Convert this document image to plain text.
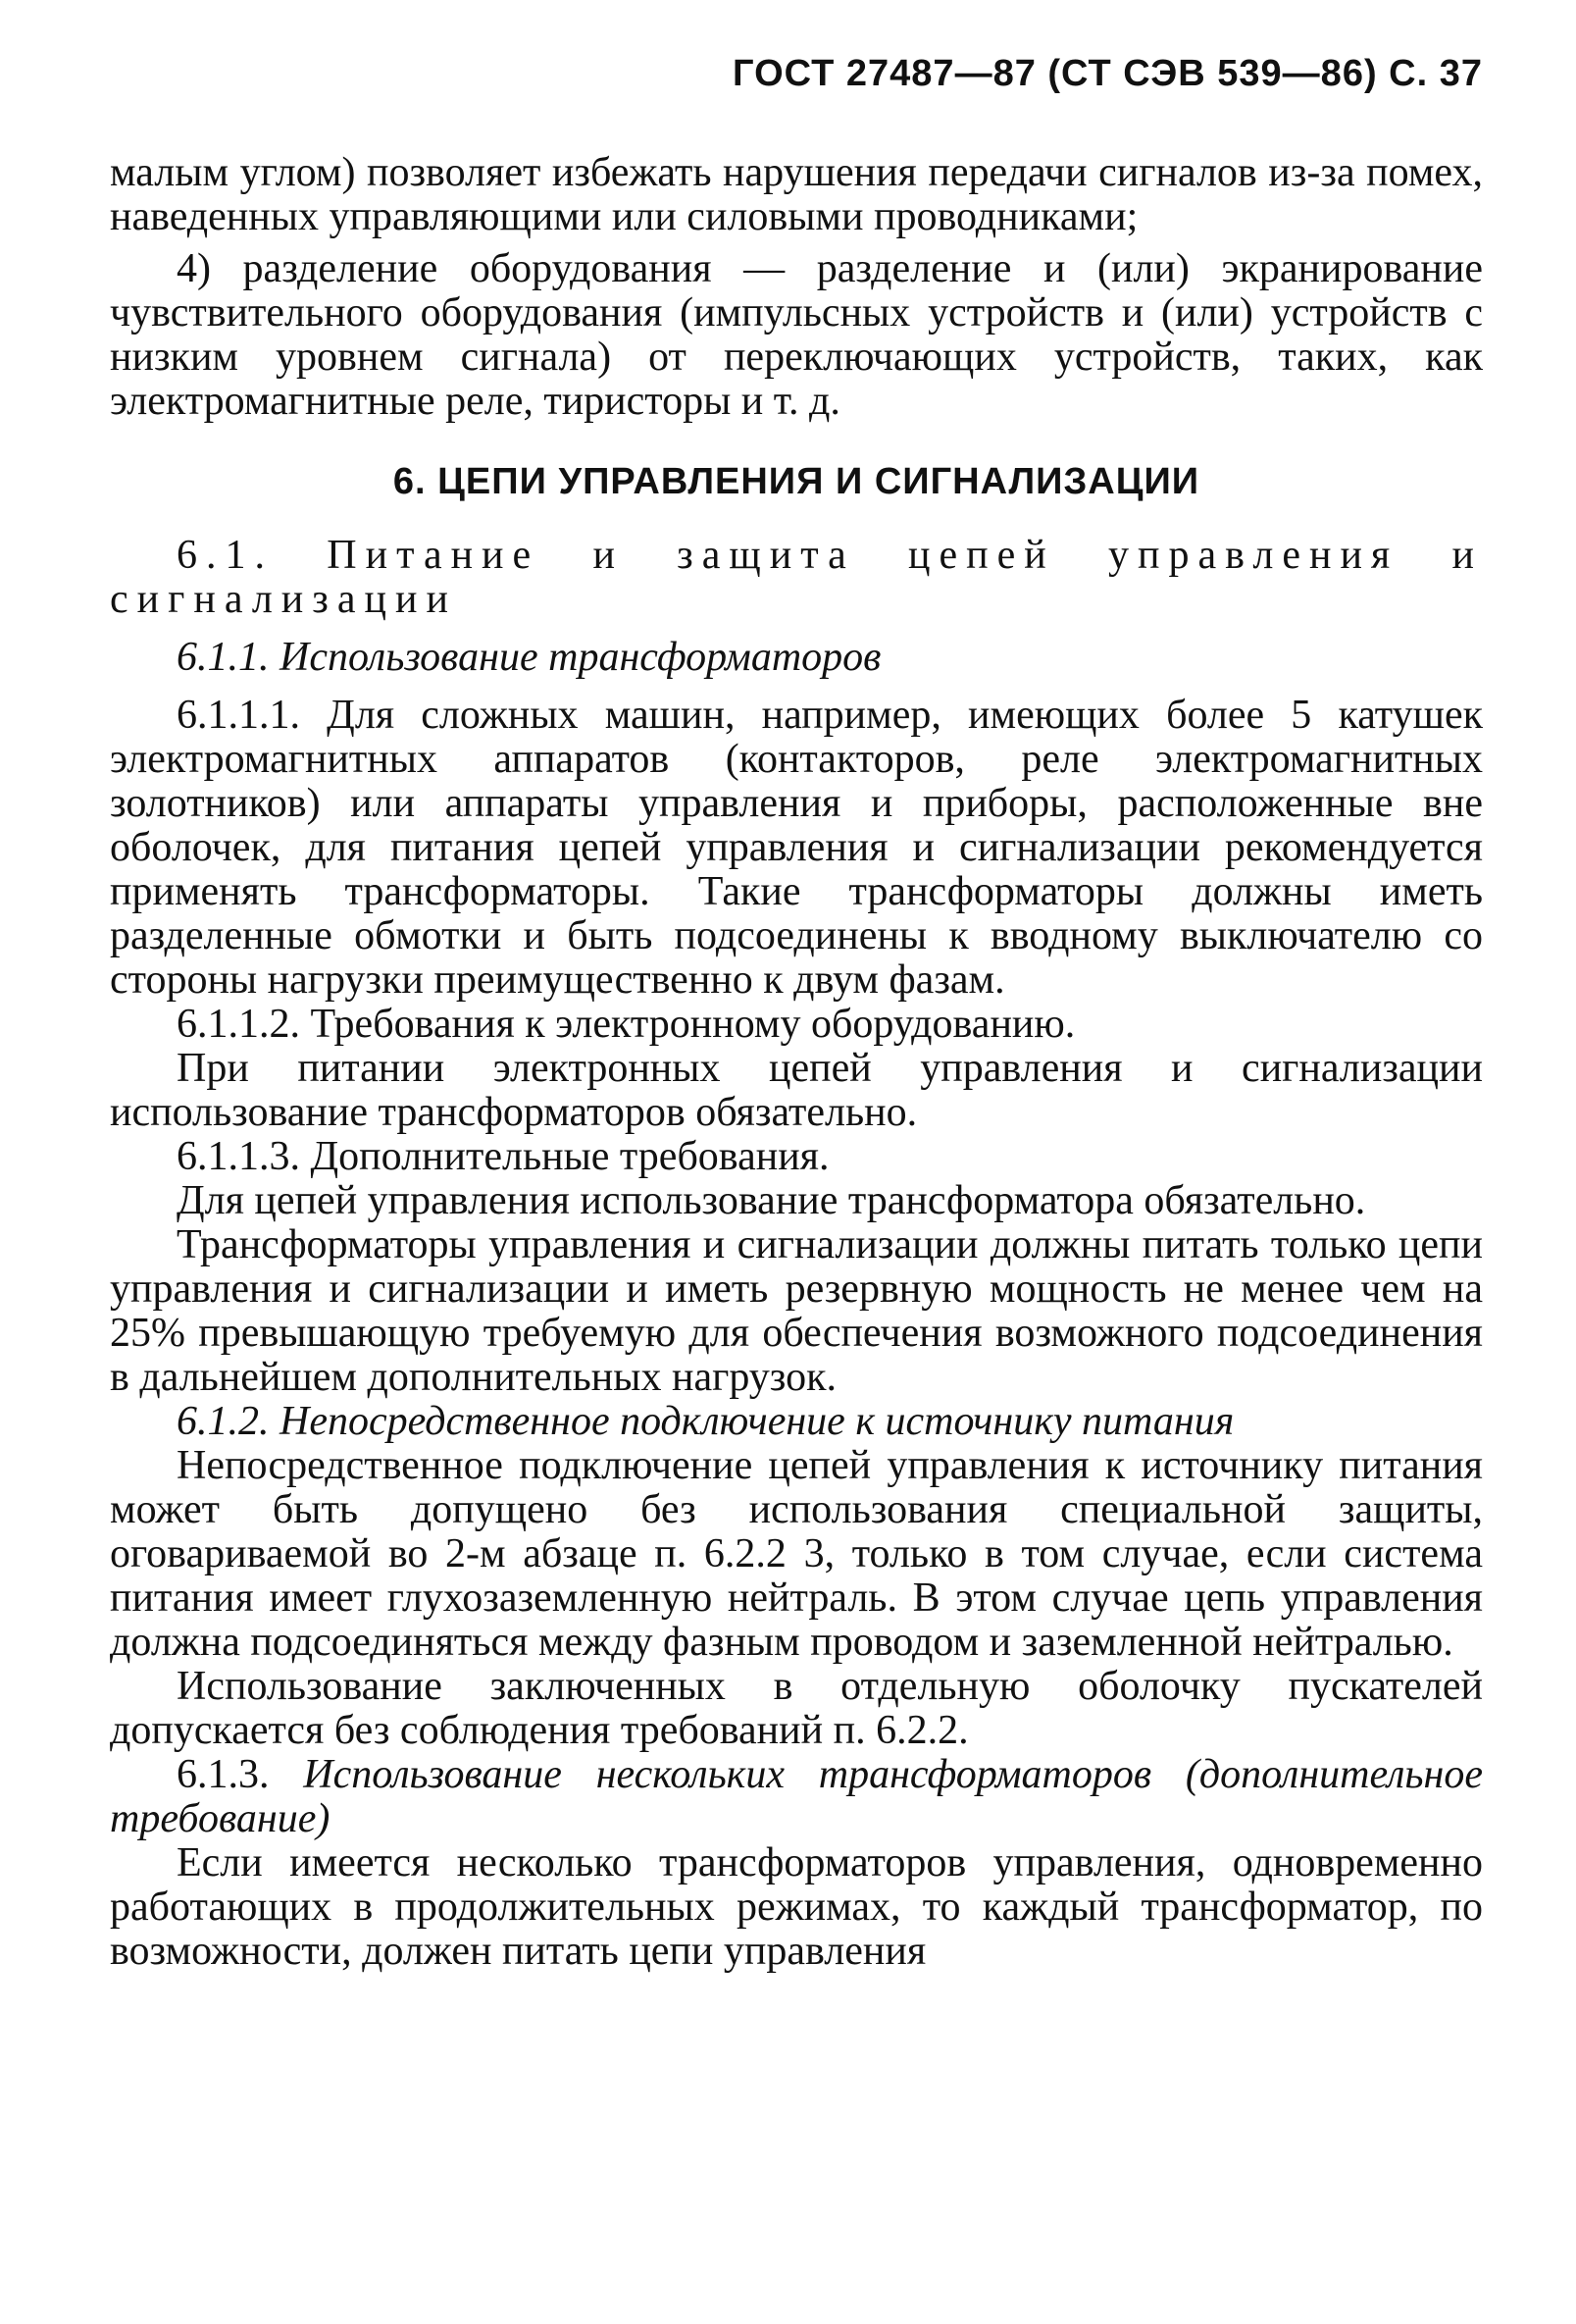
ГОСТ 27487—87 (СТ СЭВ 539—86) С. 37

малым углом) позволяет избежать нарушения передачи сигналов из-за помех, наведенных управляющими или силовыми проводниками;

4) разделение оборудования — разделение и (или) экранирование чувствительного оборудования (импульсных устройств и (или) устройств с низким уровнем сигнала) от переключающих устройств, таких, как электромагнитные реле, тиристоры и т. д.

6. ЦЕПИ УПРАВЛЕНИЯ И СИГНАЛИЗАЦИИ

6.1. Питание и защита цепей управления и сигнализации

6.1.1. Использование трансформаторов

6.1.1.1. Для сложных машин, например, имеющих более 5 катушек электромагнитных аппаратов (контакторов, реле электромагнитных золотников) или аппараты управления и приборы, расположенные вне оболочек, для питания цепей управления и сигнализации рекомендуется применять трансформаторы. Такие трансформаторы должны иметь разделенные обмотки и быть подсоединены к вводному выключателю со стороны нагрузки преимущественно к двум фазам.

6.1.1.2. Требования к электронному оборудованию.

При питании электронных цепей управления и сигнализации использование трансформаторов обязательно.

6.1.1.3. Дополнительные требования.

Для цепей управления использование трансформатора обязательно.

Трансформаторы управления и сигнализации должны питать только цепи управления и сигнализации и иметь резервную мощность не менее чем на 25% превышающую требуемую для обеспечения возможного подсоединения в дальнейшем дополнительных нагрузок.

6.1.2. Непосредственное подключение к источнику питания

Непосредственное подключение цепей управления к источнику питания может быть допущено без использования специальной защиты, оговариваемой во 2-м абзаце п. 6.2.2 3, только в том случае, если система питания имеет глухозаземленную нейтраль. В этом случае цепь управления должна подсоединяться между фазным проводом и заземленной нейтралью.

Использование заключенных в отдельную оболочку пускателей допускается без соблюдения требований п. 6.2.2.

6.1.3. Использование нескольких трансформаторов (дополнительное требование)

Если имеется несколько трансформаторов управления, одновременно работающих в продолжительных режимах, то каждый трансформатор, по возможности, должен питать цепи управления
